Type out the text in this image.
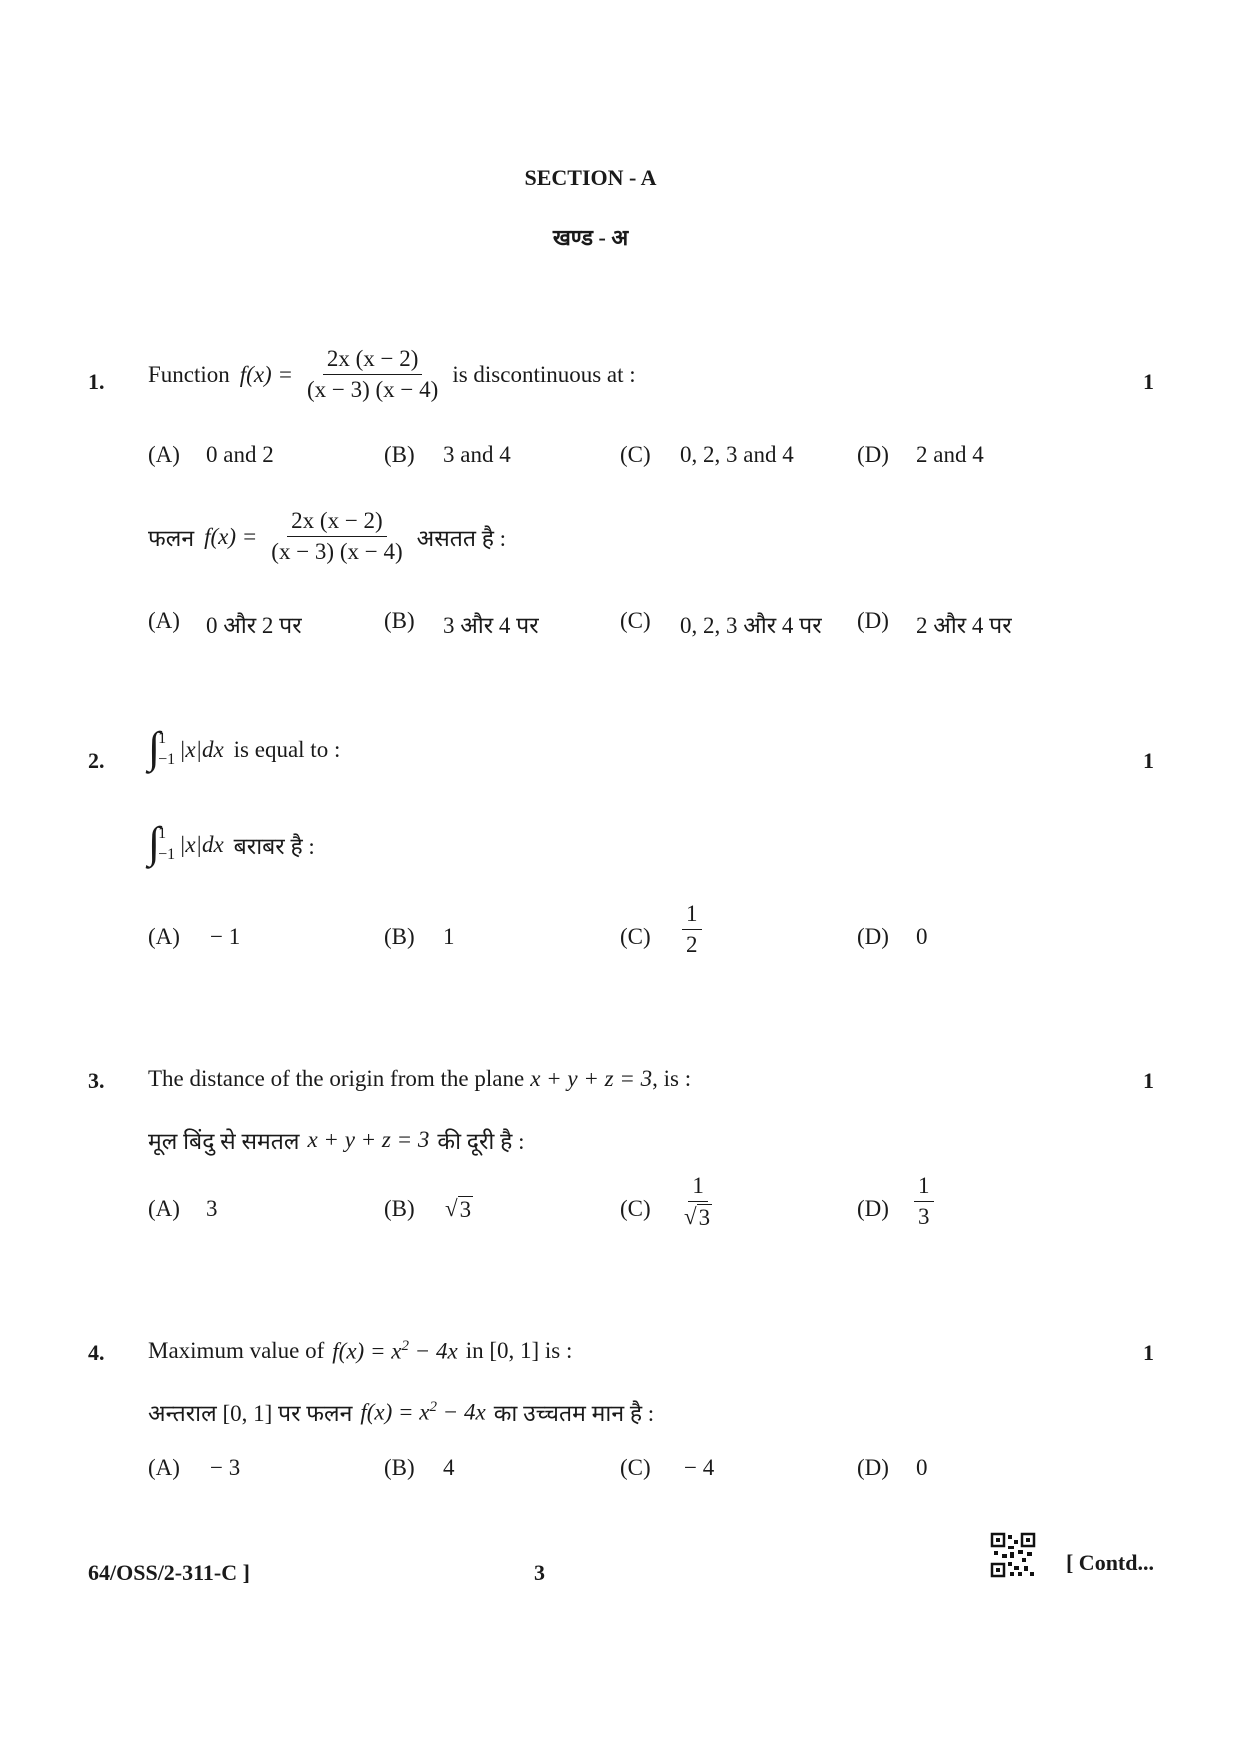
SECTION - A
खण्ड - अ
1.	1
Function $f(x) = \frac{2x (x - 2)}{(x - 3) (x - 4)}$ is discontinuous at :
(A) 0 and 2	(B) 3 and 4	(C) 0, 2, 3 and 4	(D) 2 and 4
फलन $f(x) = \frac{2x (x - 2)}{(x - 3) (x - 4)}$ असतत है :
(A) 0 और 2 पर	(B) 3 और 4 पर	(C) 0, 2, 3 और 4 पर (D) 2 और 4 पर
2.	1
∫
1
−1 |x|dx is equal to :
∫
1
−1 |x|dx बराबर है :
(A) − 1	(B) 1	$(C) \frac{1}{2}$	(D) 0
3.	1
The distance of the origin from the plane x + y + z = 3 , is :
मूल बिंदु से समतल x + y + z = 3 की दूरी है :
(A) 3	(B) √ 3	$(C) \frac{1}{√ 3}$	$(D) \frac{1}{3}$
4.	1
Maximum value of $f(x) = x^2 - 4x$ in [0, 1] is :
अन्तराल [0, 1] पर फलन $f(x) = x^2 - 4x$ का उच्चतम मान है :
(A) − 3	(B) 4	(C) − 4	(D) 0
64/OSS/2-311-C ]	3	[ Contd...
